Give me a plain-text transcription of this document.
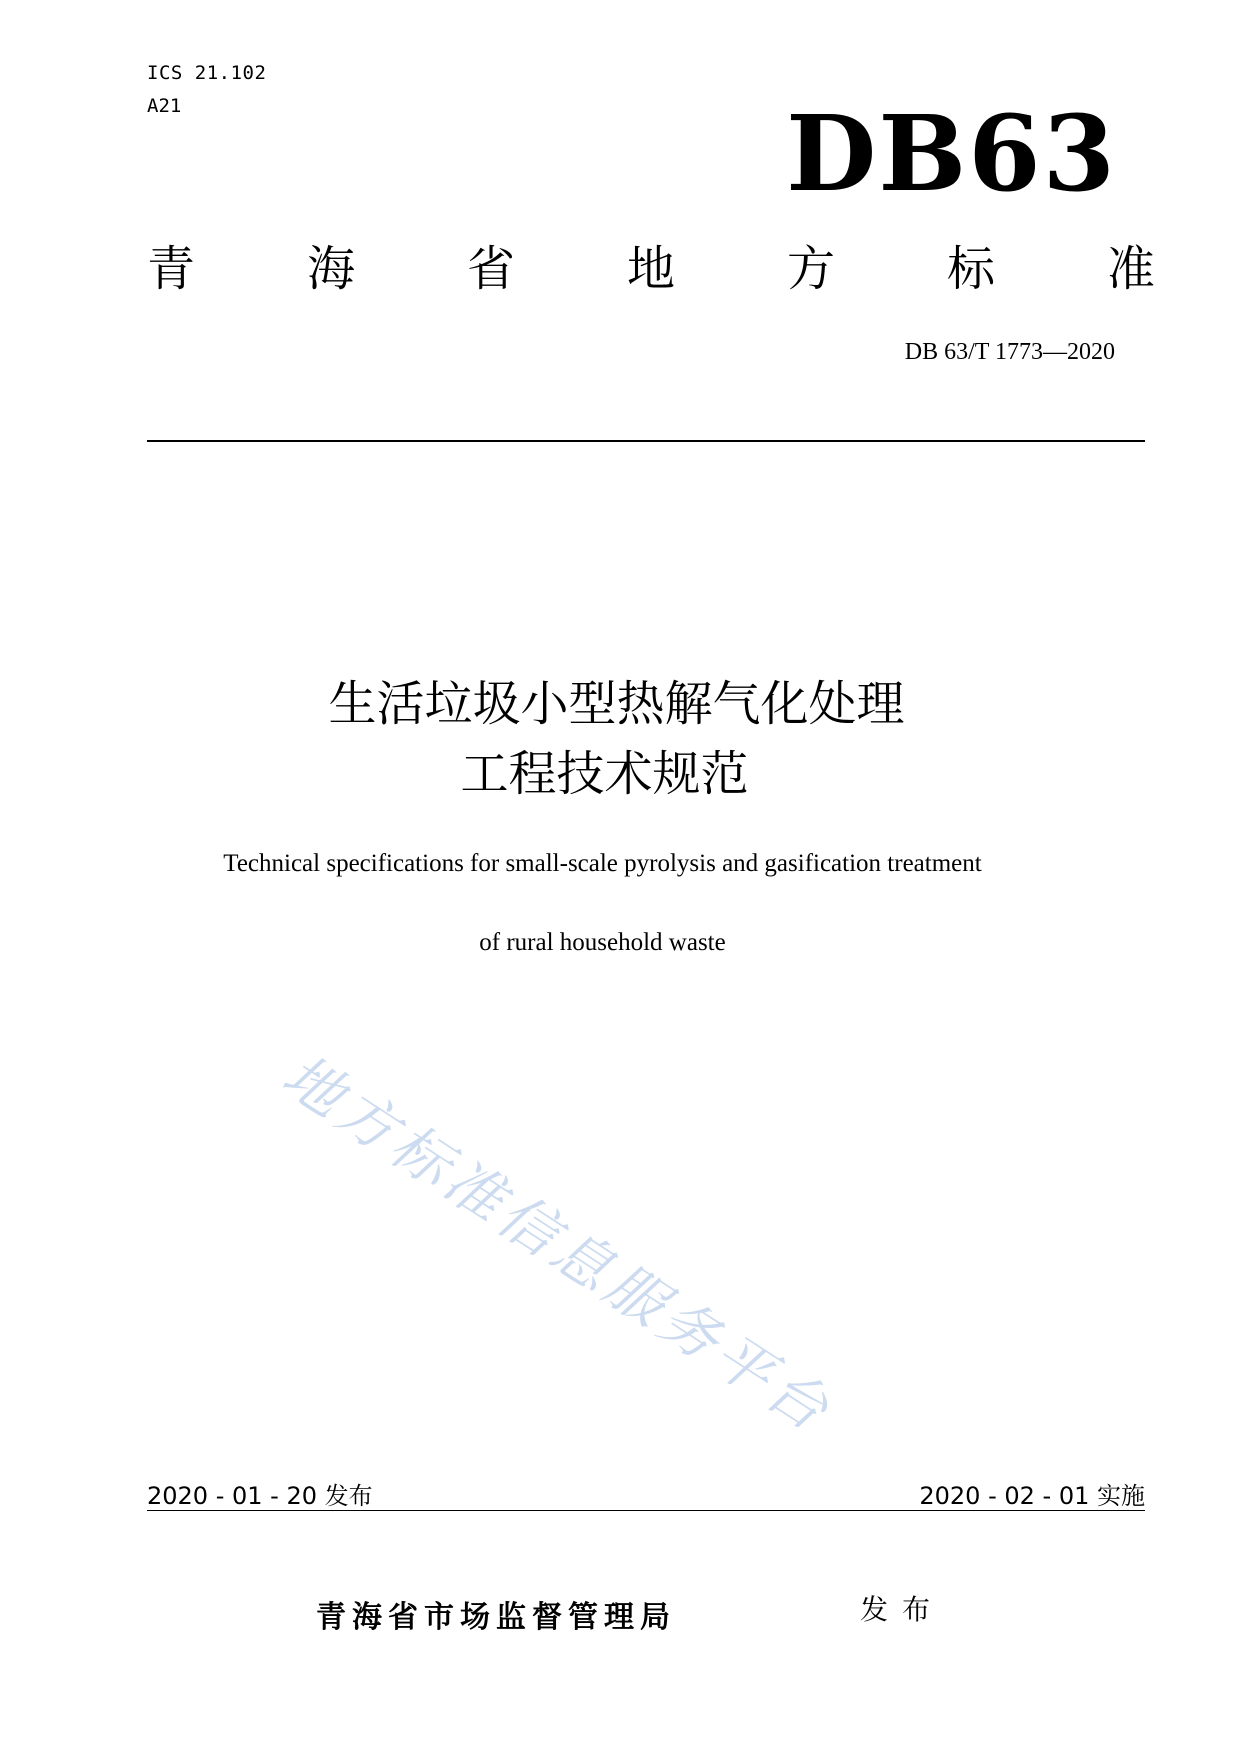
ICS 21.102
A21	DB63
青 海 省 地 方 标 准
DB 63/T 1773—2020
生活垃圾小型热解气化处理
工程技术规范
Technical specifications for small-scale pyrolysis and gasification treatment
of rural household waste
地方标准信息服务平台
2020 - 01 - 20 发布	2020 - 02 - 01 实施
青海省市场监督管理局	发布
